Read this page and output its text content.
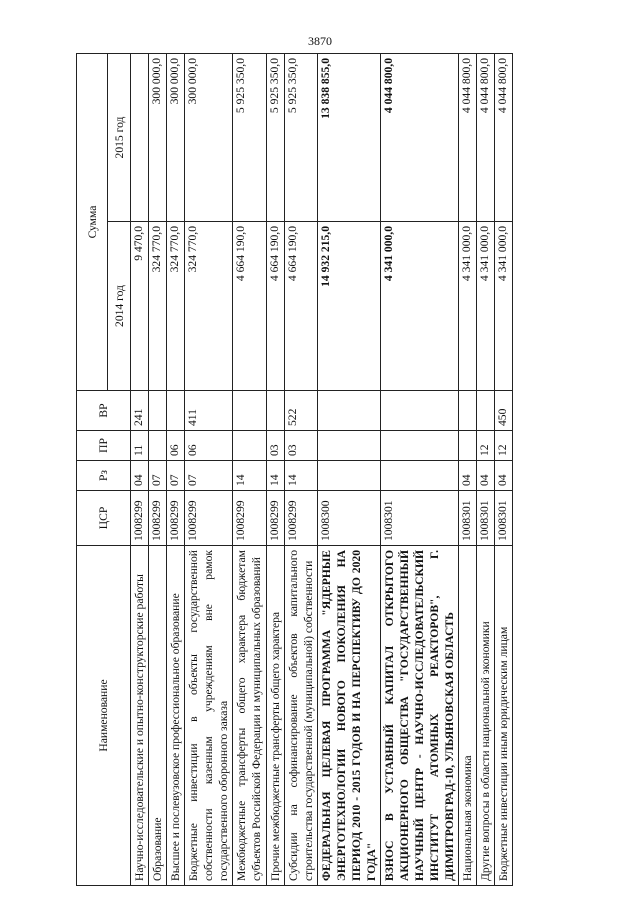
3870
Наименование	ЦСР	Рз	ПР	ВР	Сумма	
					2014 год	2015 год
Научно-исследовательские и опытно-конструкторские работы	1008299	04	11	241	9 470,0	
Образование	1008299	07			324 770,0	300 000,0
Высшее и послевузовское профессиональное образование	1008299	07	06		324 770,0	300 000,0
Бюджетные инвестиции в объекты государственной собственности казенным учреждениям вне рамок государственного оборонного заказа	1008299	07	06	411	324 770,0	300 000,0
Межбюджетные трансферты общего характера бюджетам субъектов Российской Федерации и муниципальных образований	1008299	14			4 664 190,0	5 925 350,0
Прочие межбюджетные трансферты общего характера	1008299	14	03		4 664 190,0	5 925 350,0
Субсидии на софинансирование объектов капитального строительства государственной (муниципальной) собственности	1008299	14	03	522	4 664 190,0	5 925 350,0
ФЕДЕРАЛЬНАЯ ЦЕЛЕВАЯ ПРОГРАММА "ЯДЕРНЫЕ ЭНЕРГОТЕХНОЛОГИИ НОВОГО ПОКОЛЕНИЯ НА ПЕРИОД 2010 - 2015 ГОДОВ И НА ПЕРСПЕКТИВУ ДО 2020 ГОДА"	1008300				14 932 215,0	13 838 855,0
ВЗНОС В УСТАВНЫЙ КАПИТАЛ ОТКРЫТОГО АКЦИОНЕРНОГО ОБЩЕСТВА "ГОСУДАРСТВЕННЫЙ НАУЧНЫЙ ЦЕНТР - НАУЧНО-ИССЛЕДОВАТЕЛЬСКИЙ ИНСТИТУТ АТОМНЫХ РЕАКТОРОВ", Г. ДИМИТРОВГРАД-10, УЛЬЯНОВСКАЯ ОБЛАСТЬ	1008301				4 341 000,0	4 044 800,0
Национальная экономика	1008301	04			4 341 000,0	4 044 800,0
Другие вопросы в области национальной экономики	1008301	04	12		4 341 000,0	4 044 800,0
Бюджетные инвестиции иным юридическим лицам	1008301	04	12	450	4 341 000,0	4 044 800,0
